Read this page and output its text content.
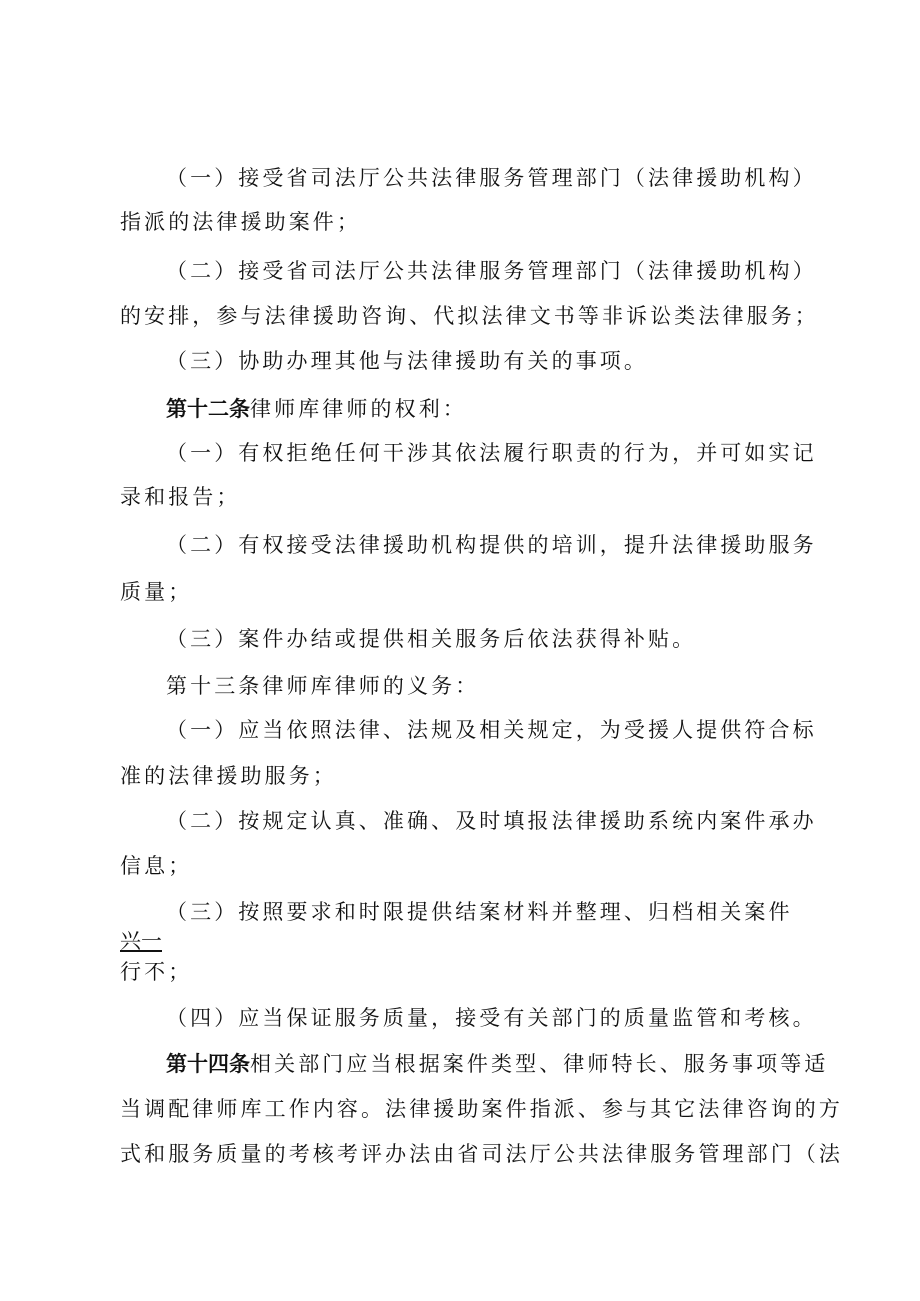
（一）接受省司法厅公共法律服务管理部门（法律援助机构）
指派的法律援助案件；
（二）接受省司法厅公共法律服务管理部门（法律援助机构）
的安排，参与法律援助咨询、代拟法律文书等非诉讼类法律服务；
（三）协助办理其他与法律援助有关的事项。
第十二条律师库律师的权利：
（一）有权拒绝任何干涉其依法履行职责的行为，并可如实记
录和报告；
（二）有权接受法律援助机构提供的培训，提升法律援助服务
质量；
（三）案件办结或提供相关服务后依法获得补贴。
第十三条律师库律师的义务：
（一）应当依照法律、法规及相关规定，为受援人提供符合标
准的法律援助服务；
（二）按规定认真、准确、及时填报法律援助系统内案件承办
信息；
（三）按照要求和时限提供结案材料并整理、归档相关案件
兴一
行不；
（四）应当保证服务质量，接受有关部门的质量监管和考核。
第十四条相关部门应当根据案件类型、律师特长、服务事项等适
当调配律师库工作内容。法律援助案件指派、参与其它法律咨询的方
式和服务质量的考核考评办法由省司法厅公共法律服务管理部门（法
